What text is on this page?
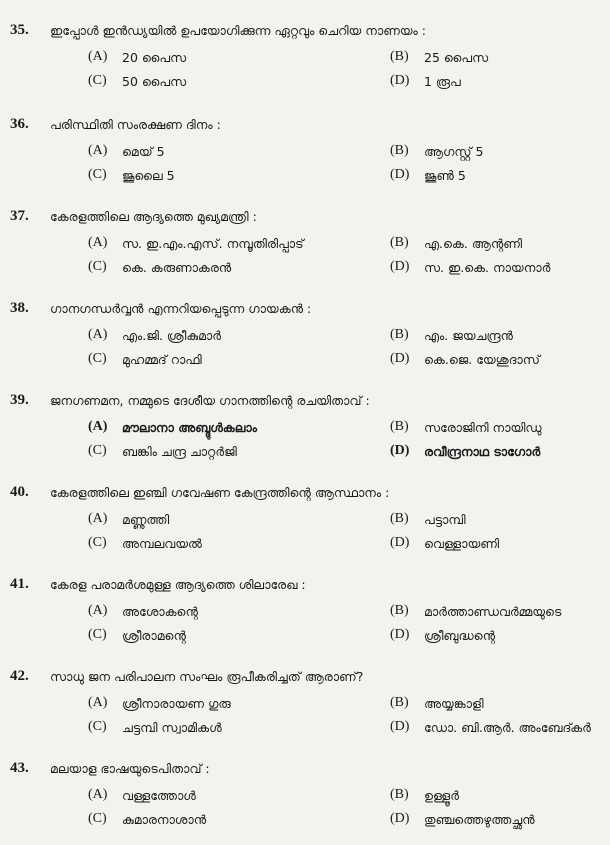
35. ഇപ്പോൾ ഇൻഡ്യയിൽ ഉപയോഗിക്കുന്ന ഏറ്റവും ചെറിയ നാണയം :
(A) 20 പൈസ	(B) 25 പൈസ
(C) 50 പൈസ	(D) 1 രൂപ
36. പരിസ്ഥിതി സംരക്ഷണ ദിനം :
(A) മെയ് 5	(B) ആഗസ്റ്റ് 5
(C) ജൂലൈ 5	(D) ജൂൺ 5
37. കേരളത്തിലെ ആദ്യത്തെ മുഖ്യമന്ത്രി :
(A) സ. ഇ.എം.എസ്. നമ്പൂതിരിപ്പാട്	(B) എ.കെ. ആന്റണി
(C) കെ. കരുണാകരൻ	(D) സ. ഇ.കെ. നായനാർ
38. ഗാനഗന്ധർവ്വൻ എന്നറിയപ്പെടുന്ന ഗായകൻ :
(A) എം.ജി. ശ്രീകുമാർ	(B) എം. ജയചന്ദ്രൻ
(C) മുഹമ്മദ് റാഫി	(D) കെ.ജെ. യേശുദാസ്
39. ജനഗണമന, നമ്മുടെ ദേശീയ ഗാനത്തിന്റെ രചയിതാവ് :
(A) മൗലാനാ അബ്ദുൾകലാം	(B) സരോജിനി നായിഡു
(C) ബങ്കിം ചന്ദ്ര ചാറ്റർജി	(D) രവീന്ദ്രനാഥ ടാഗോർ
40. കേരളത്തിലെ ഇഞ്ചി ഗവേഷണ കേന്ദ്രത്തിന്റെ ആസ്ഥാനം :
(A) മണ്ണുത്തി	(B) പട്ടാമ്പി
(C) അമ്പലവയൽ	(D) വെള്ളായണി
41. കേരള പരാമർശമുള്ള ആദ്യത്തെ ശിലാരേഖ :
(A) അശോകന്റെ	(B) മാർത്താണ്ഡവർമ്മയുടെ
(C) ശ്രീരാമന്റെ	(D) ശ്രീബുദ്ധന്റെ
42. സാധു ജന പരിപാലന സംഘം രൂപീകരിച്ചത് ആരാണ്?
(A) ശ്രീനാരായണ ഗുരു	(B) അയ്യങ്കാളി
(C) ചട്ടമ്പി സ്വാമികൾ	(D) ഡോ. ബി.ആർ. അംബേദ്കർ
43. മലയാള ഭാഷയുടെപിതാവ് :
(A) വള്ളത്തോൾ	(B) ഉള്ളൂർ
(C) കുമാരനാശാൻ	(D) തുഞ്ചത്തെഴുത്തച്ഛൻ
